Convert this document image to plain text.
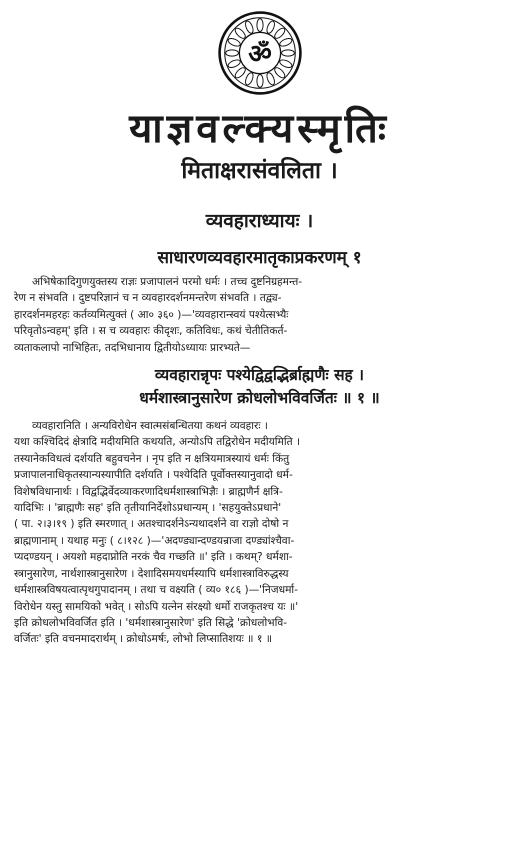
ॐ
याज्ञवल्क्यस्मृतिः
मिताक्षरासंवलिता ।
व्यवहाराध्यायः ।
साधारणव्यवहारमातृकाप्रकरणम् १
अभिषेकादिगुणयुक्तस्य राज्ञः प्रजापालनं परमो धर्मः । तच्च दुष्टनिग्रहमन्त-
रेण न संभवति । दुष्टपरिज्ञानं च न व्यवहारदर्शनमन्तरेण संभवति । तद्व्य-
हारदर्शनमहरहः कर्तव्यमित्युक्तं ( आ० ३६० )—'व्यवहारान्स्वयं पश्येत्सभ्यैः
परिवृतोऽन्वहम्' इति । स च व्यवहारः कीदृशः, कतिविधः, कथं चेतीतिकर्त-
व्यताकलापो नाभिहितः, तदभिधानाय द्वितीयोऽध्यायः प्रारभ्यते—
व्यवहारान्नृपः पश्येद्विद्वद्भिर्ब्राह्मणैः सह ।
धर्मशास्त्रानुसारेण क्रोधलोभविवर्जितः ॥ १ ॥
व्यवहारानिति । अन्यविरोधेन स्वात्मसंबन्धितया कथनं व्यवहारः ।
यथा कश्चिदिदं क्षेत्रादि मदीयमिति कथयति, अन्योऽपि तद्विरोधेन मदीयमिति ।
तस्यानेकविधत्वं दर्शयति बहुवचनेन । नृप इति न क्षत्रियमात्रस्यायं धर्मः किंतु
प्रजापालनाधिकृतस्यान्यस्यापीति दर्शयति । पश्येदिति पूर्वोक्तस्यानुवादो धर्म-
विशेषविधानार्थः । विद्वद्भिर्वेदव्याकरणादिधर्मशास्त्राभिज्ञैः । ब्राह्मणैर्न क्षत्रि-
यादिभिः । 'ब्राह्मणैः सह' इति तृतीयानिर्देशोऽप्रधान्यम् । 'सहयुक्तेऽप्रधाने'
( पा. २।३।१९ ) इति स्मरणात् । अतश्चादर्शनेऽन्यथादर्शने वा राज्ञो दोषो न
ब्राह्मणानाम् । यथाह मनुः ( ८।१२८ )—'अदण्ड्यान्दण्डयन्राजा दण्ड्यांश्चैवा-
प्यदण्डयन् । अयशो महदाप्नोति नरकं चैव गच्छति ॥' इति । कथम्? धर्मशा-
स्त्रानुसारेण, नार्थशास्त्रानुसारेण । देशादिसमयधर्मस्यापि धर्मशास्त्राविरुद्धस्य
धर्मशास्त्रविषयत्वात्पृथगुपादानम् । तथा च वक्ष्यति ( व्य० १८६ )—'निजधर्मा-
विरोधेन यस्तु सामयिको भवेत् । सोऽपि यत्नेन संरक्ष्यो धर्मो राजकृतश्च यः ॥'
इति क्रोधलोभविवर्जित इति । 'धर्मशास्त्रानुसारेण' इति सिद्धे 'क्रोधलोभवि-
वर्जितः' इति वचनमादरार्थम् । क्रोधोऽमर्षः, लोभो लिप्सातिशयः ॥ १ ॥
